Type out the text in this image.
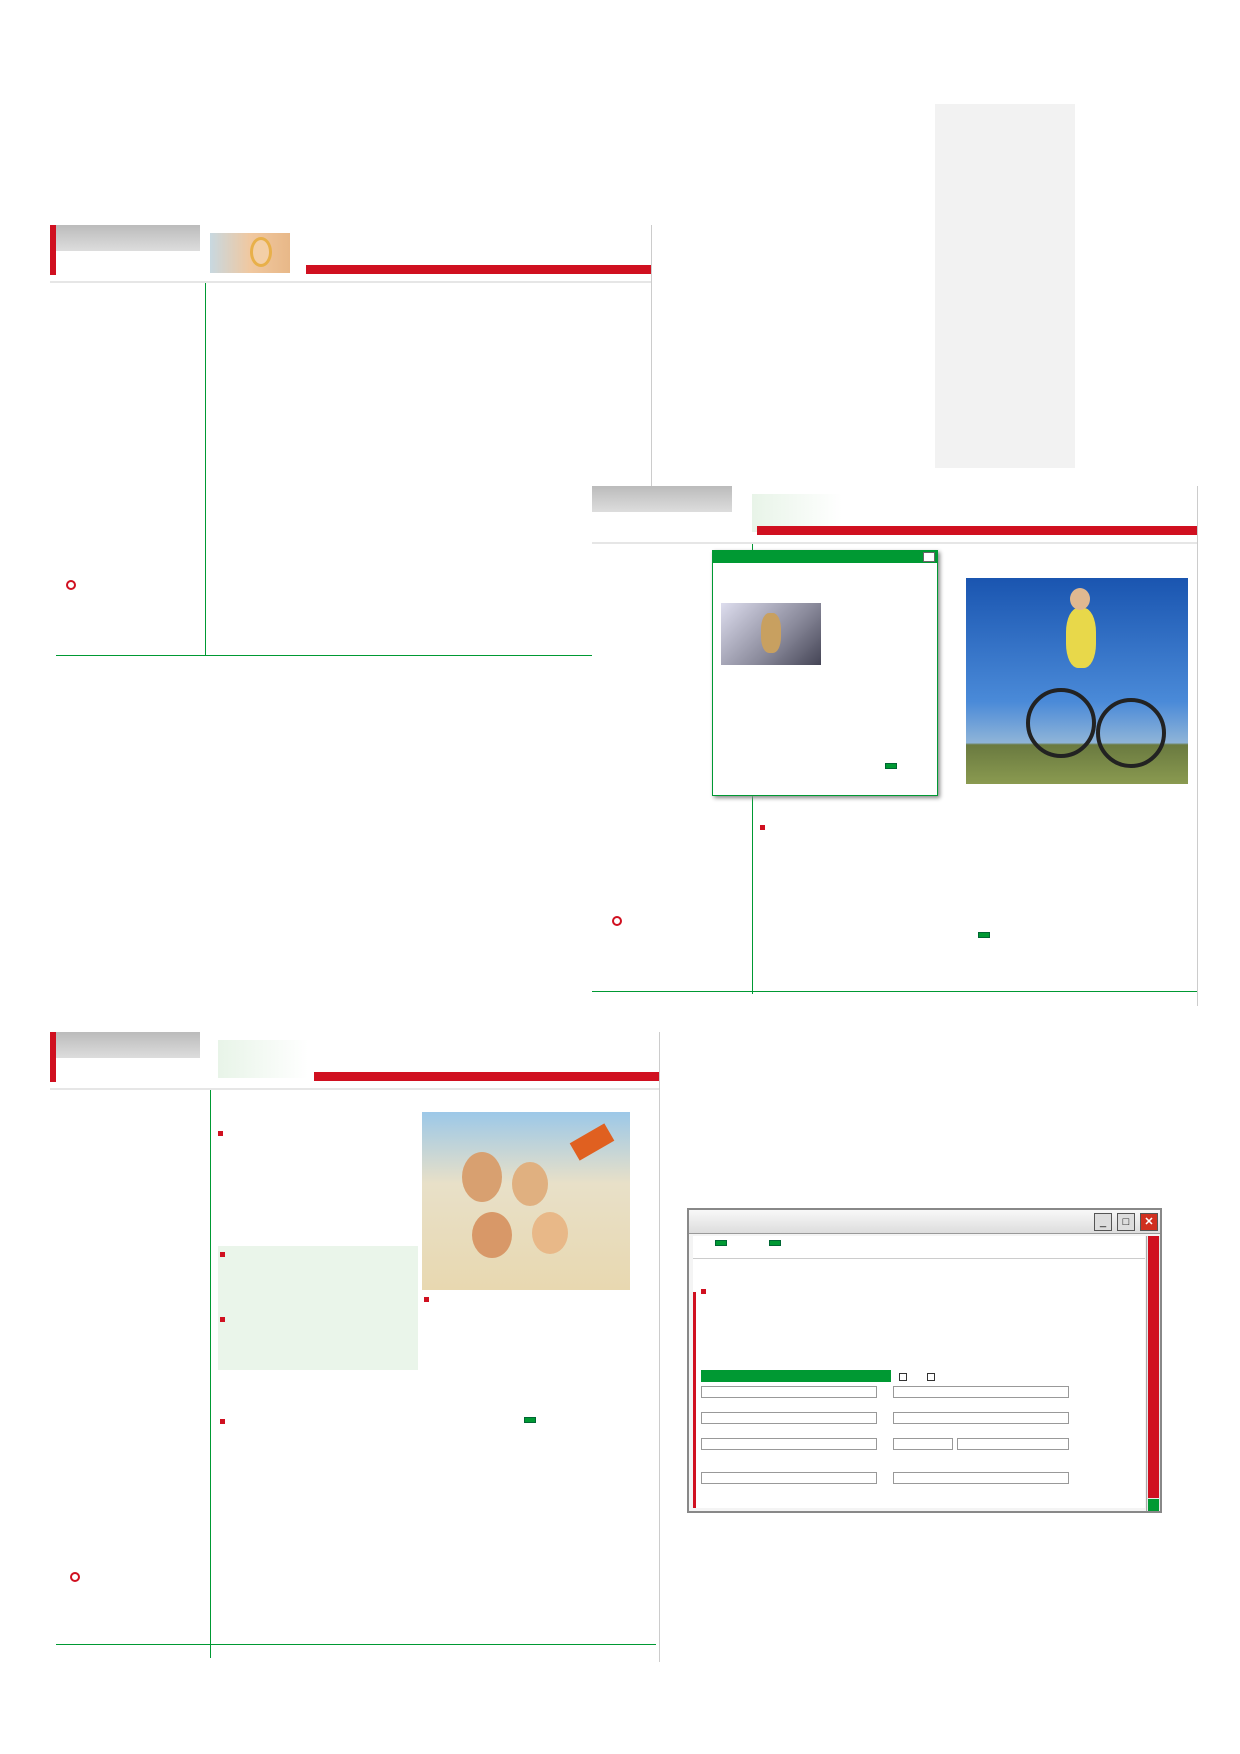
_	□	✕
